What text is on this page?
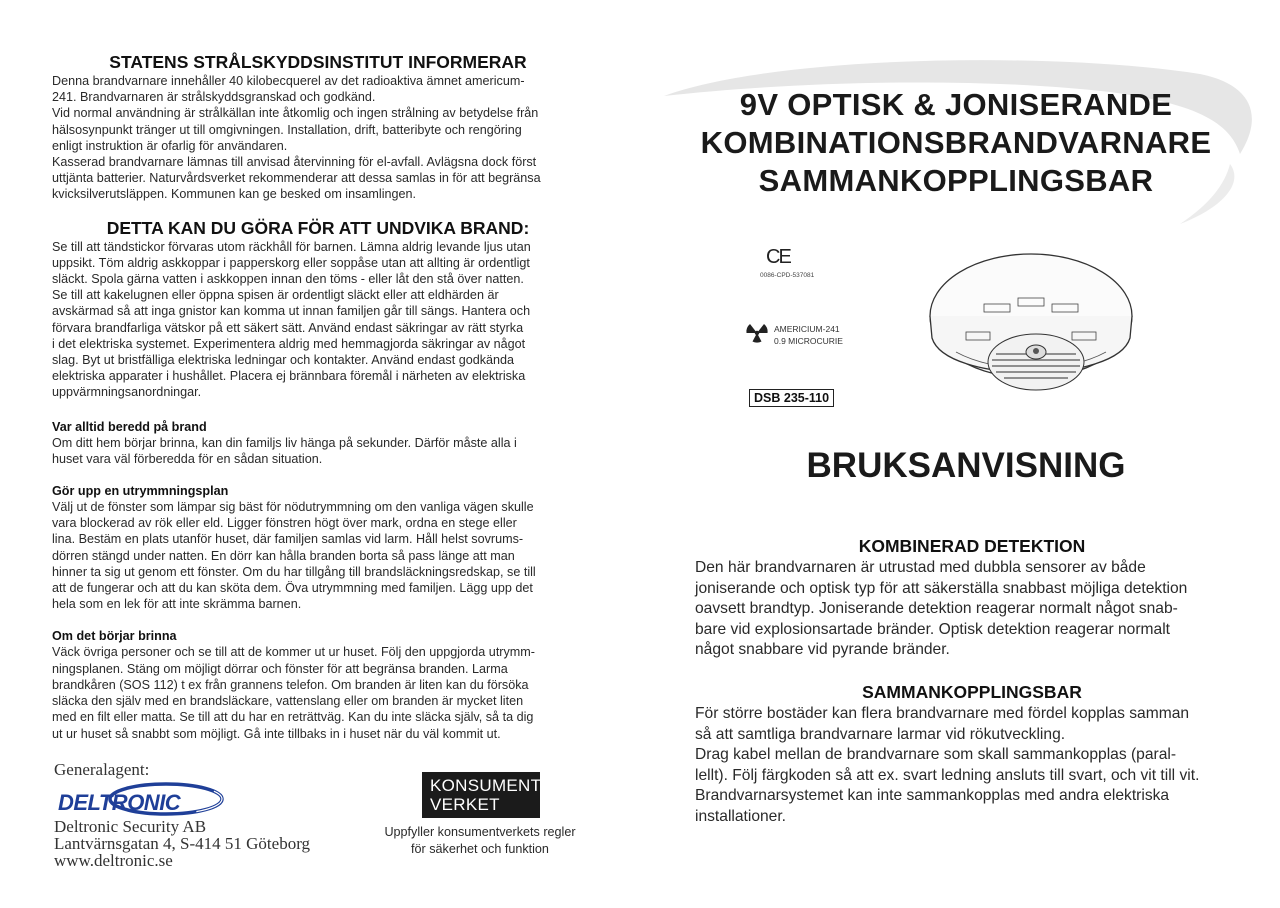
STATENS STRÅLSKYDDSINSTITUT INFORMERAR
Denna brandvarnare innehåller 40 kilobecquerel av det radioaktiva ämnet americum-
241. Brandvarnaren är strålskyddsgranskad och godkänd.
Vid normal användning är strålkällan inte åtkomlig och ingen strålning av betydelse från
hälsosynpunkt tränger ut till omgivningen. Installation, drift, batteribyte och rengöring
enligt instruktion är ofarlig för användaren.
Kasserad brandvarnare lämnas till anvisad återvinning för el-avfall. Avlägsna dock först
uttjänta batterier. Naturvårdsverket rekommenderar att dessa samlas in för att begränsa
kvicksilverutsläppen. Kommunen kan ge besked om insamlingen.
DETTA KAN DU GÖRA FÖR ATT UNDVIKA BRAND:
Se till att tändstickor förvaras utom räckhåll för barnen. Lämna aldrig levande ljus utan
uppsikt. Töm aldrig askkoppar i papperskorg eller soppåse utan att allting är ordentligt
släckt. Spola gärna vatten i askkoppen innan den töms - eller låt den stå över natten.
Se till att kakelugnen eller öppna spisen är ordentligt släckt eller att eldhärden är
avskärmad så att inga gnistor kan komma ut innan familjen går till sängs. Hantera och
förvara brandfarliga vätskor på ett säkert sätt. Använd endast säkringar av rätt styrka
i det elektriska systemet. Experimentera aldrig med hemmagjorda säkringar av något
slag. Byt ut bristfälliga elektriska ledningar och kontakter. Använd endast godkända
elektriska apparater i hushållet. Placera ej brännbara föremål i närheten av elektriska
uppvärmningsanordningar.
Var alltid beredd på brand
Om ditt hem börjar brinna, kan din familjs liv hänga på sekunder. Därför måste alla i
huset vara väl förberedda för en sådan situation.
Gör upp en utrymmningsplan
Välj ut de fönster som lämpar sig bäst för nödutrymmning om den vanliga vägen skulle
vara blockerad av rök eller eld. Ligger fönstren högt över mark, ordna en stege eller
lina. Bestäm en plats utanför huset, där familjen samlas vid larm. Håll helst sovrums-
dörren stängd under natten. En dörr kan hålla branden borta så pass länge att man
hinner ta sig ut genom ett fönster. Om du har tillgång till brandsläckningsredskap, se till
att de fungerar och att du kan sköta dem. Öva utrymmning med familjen. Lägg upp det
hela som en lek för att inte skrämma barnen.
Om det börjar brinna
Väck övriga personer och se till att de kommer ut ur huset. Följ den uppgjorda utrymm-
ningsplanen. Stäng om möjligt dörrar och fönster för att begränsa branden. Larma
brandkåren (SOS 112) t ex från grannens telefon. Om branden är liten kan du försöka
släcka den själv med en brandsläckare, vattenslang eller om branden är mycket liten
med en filt eller matta. Se till att du har en reträttväg. Kan du inte släcka själv, så ta dig
ut ur huset så snabbt som möjligt. Gå inte tillbaks in i huset när du väl kommit ut.
Generalagent:
DELTRONIC
Deltronic Security AB
Lantvärnsgatan 4, S-414 51 Göteborg
www.deltronic.se
KONSUMENT
VERKET
Uppfyller konsumentverkets regler
för säkerhet och funktion
9V OPTISK & JONISERANDE
KOMBINATIONSBRANDVARNARE
SAMMANKOPPLINGSBAR
CE
0086-CPD-537081
AMERICIUM-241
0.9 MICROCURIE
DSB 235-110
BRUKSANVISNING
KOMBINERAD DETEKTION
Den här brandvarnaren är utrustad med dubbla sensorer av både
joniserande och optisk typ för att säkerställa snabbast möjliga detektion
oavsett brandtyp. Joniserande detektion reagerar normalt något snab-
bare vid explosionsartade bränder. Optisk detektion reagerar normalt
något snabbare vid pyrande bränder.
SAMMANKOPPLINGSBAR
För större bostäder kan flera brandvarnare med fördel kopplas samman
så att samtliga brandvarnare larmar vid rökutveckling.
Drag kabel mellan de brandvarnare som skall sammankopplas (paral-
lellt). Följ färgkoden så att ex. svart ledning ansluts till svart, och vit till vit.
Brandvarnarsystemet kan inte sammankopplas med andra elektriska
installationer.
